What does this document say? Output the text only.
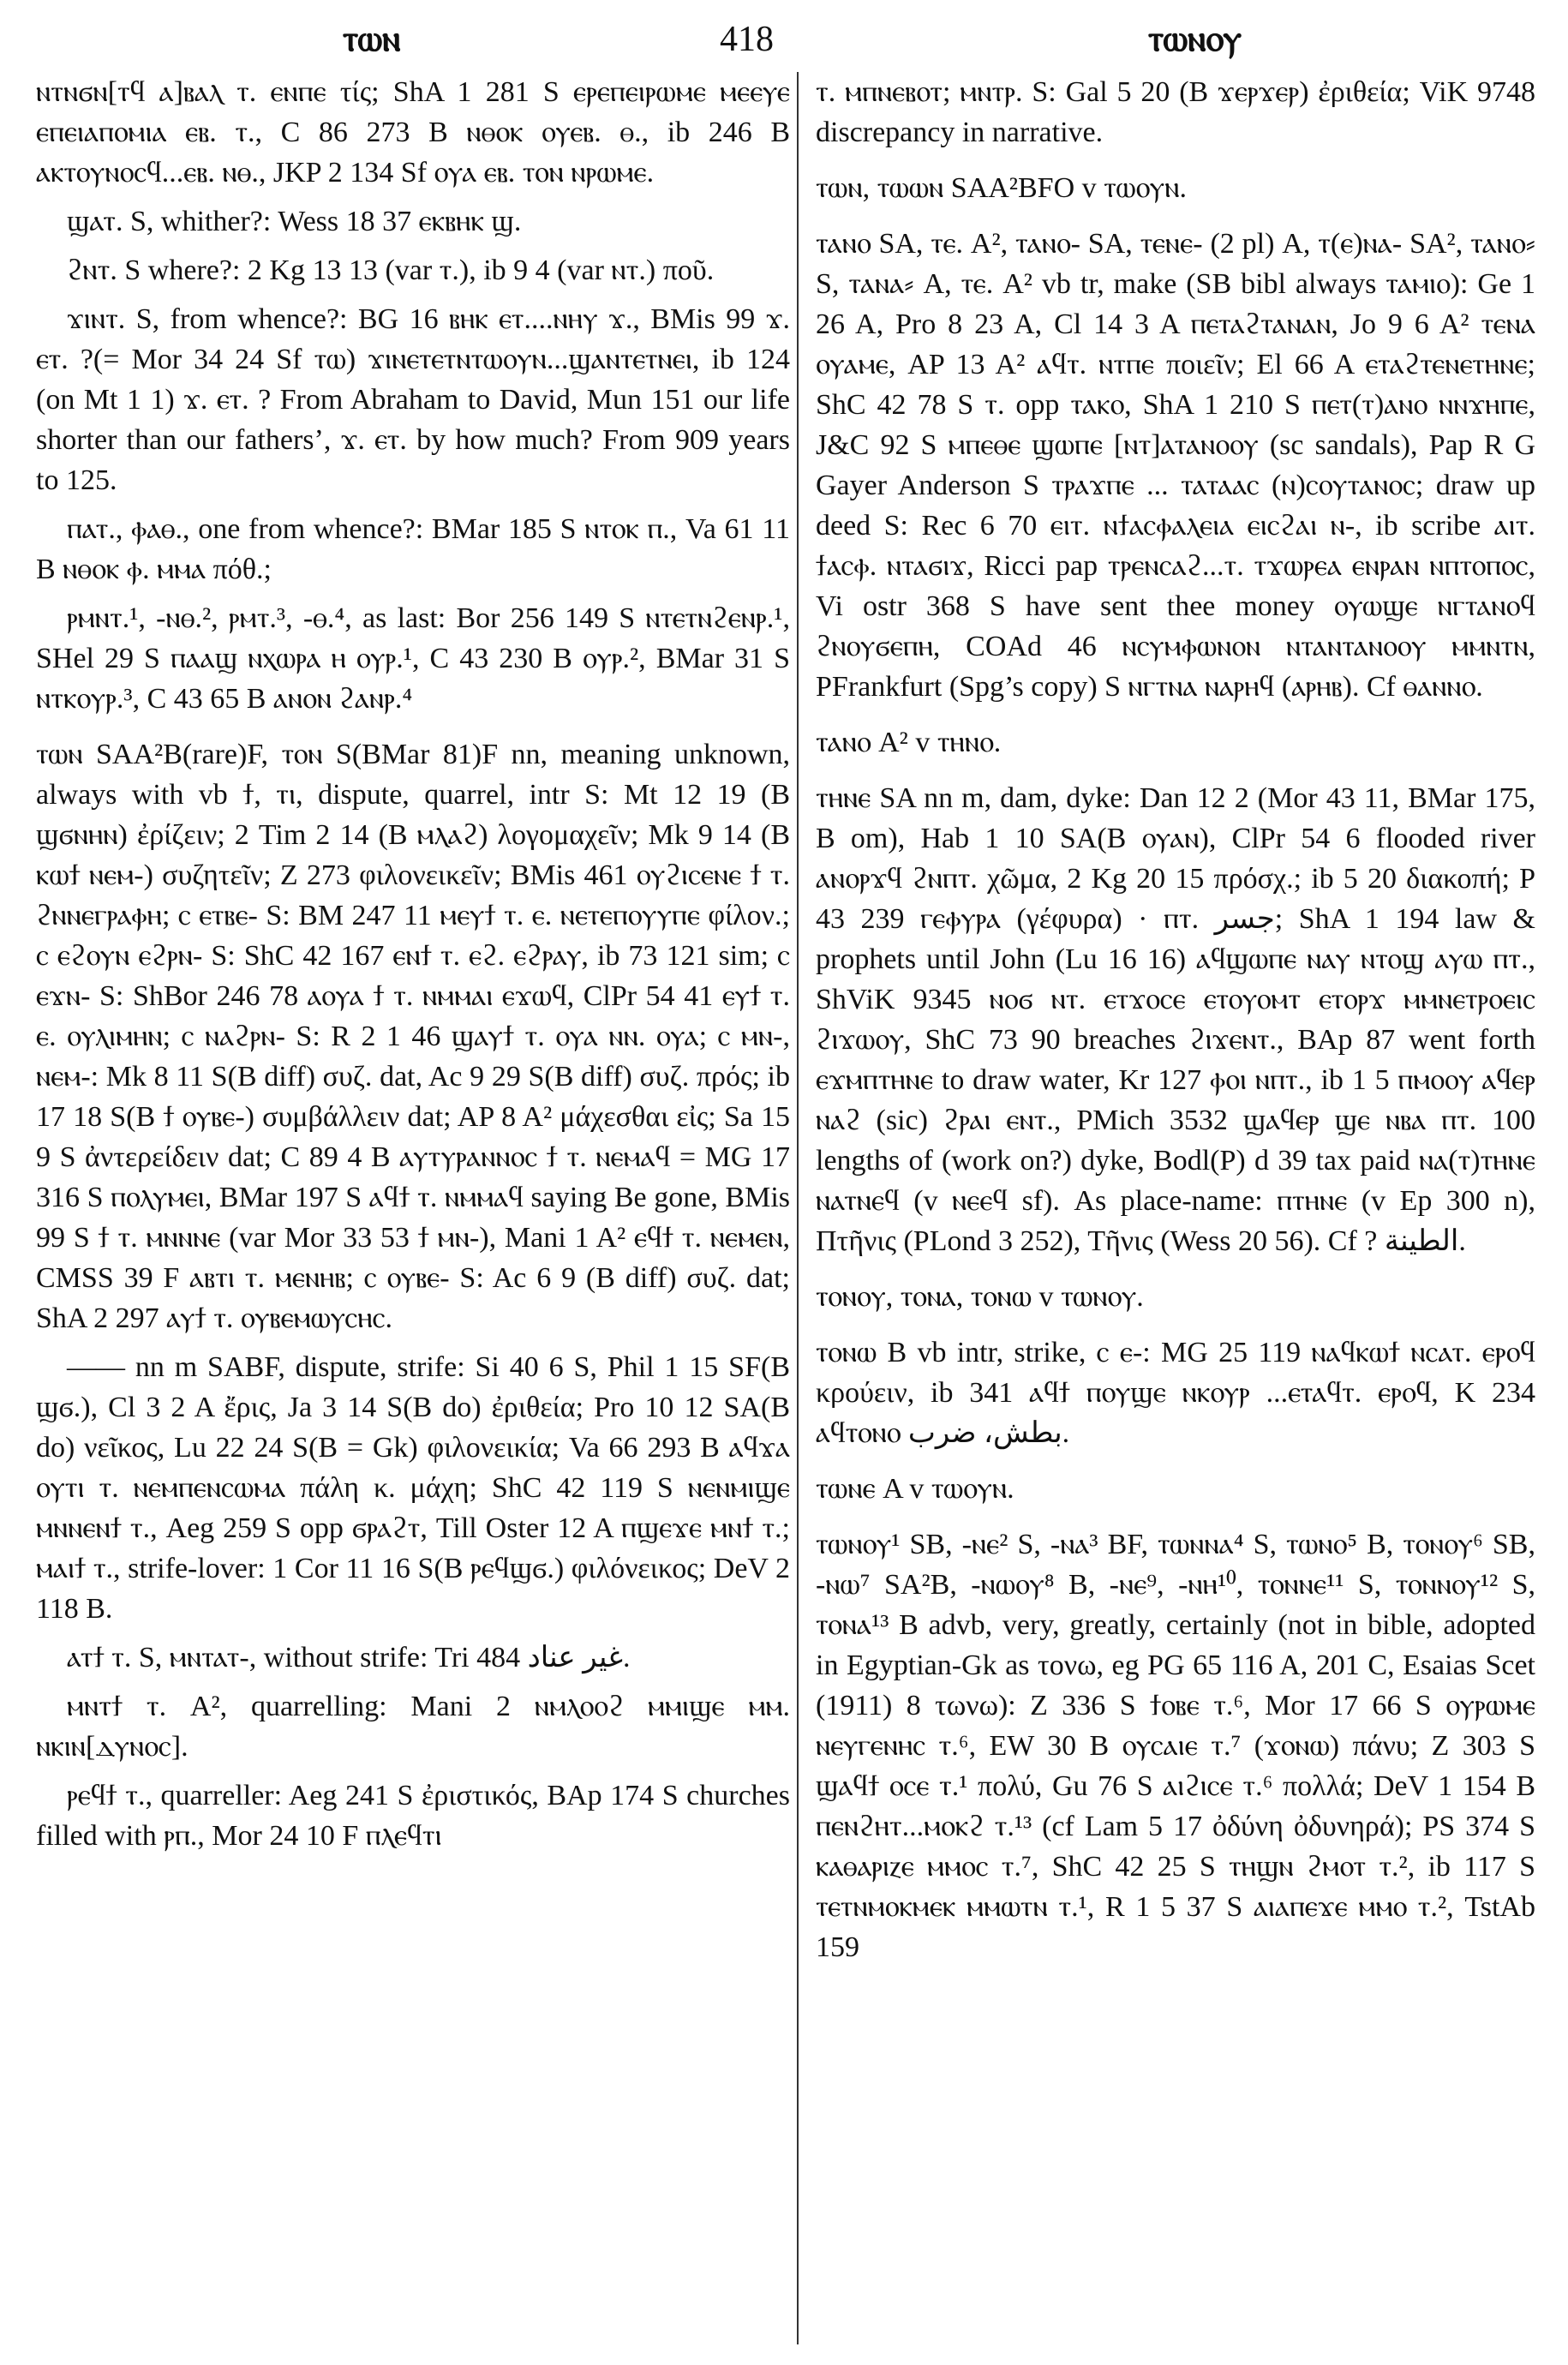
ⲧⲱⲛ	418	ⲧⲱⲛⲟⲩ

ⲛⲧⲛϭⲛ[ⲧϥ ⲁ]ⲃⲁⲗ ⲧ. ⲉⲛⲡⲉ τίς; ShA 1 281 S ⲉⲣⲉⲡⲉⲓⲣⲱⲙⲉ ⲙⲉⲉⲩⲉ ⲉⲡⲉⲓⲁⲡⲟⲙⲓⲁ ⲉⲃ. ⲧ., C 86 273 B ⲛⲑⲟⲕ ⲟⲩⲉⲃ. ⲑ., ib 246 B ⲁⲕⲧⲟⲩⲛⲟⲥϥ...ⲉⲃ. ⲛⲑ., JKP 2 134 Sf ⲟⲩⲁ ⲉⲃ. ⲧⲟⲛ ⲛⲣⲱⲙⲉ.

ϣⲁⲧ. S, whither?: Wess 18 37 ⲉⲕⲃⲏⲕ ϣ.

ϩⲛⲧ. S where?: 2 Kg 13 13 (var ⲧ.), ib 9 4 (var ⲛⲧ.) ποῦ.

ϫⲓⲛⲧ. S, from whence?: BG 16 ⲃⲏⲕ ⲉⲧ....ⲛⲏⲩ ϫ., BMis 99 ϫ. ⲉⲧ. ?(= Mor 34 24 Sf ⲧⲱ) ϫⲓⲛⲉⲧⲉⲧⲛⲧⲱⲟⲩⲛ...ϣⲁⲛⲧⲉⲧⲛⲉⲓ, ib 124 (on Mt 1 1) ϫ. ⲉⲧ. ? From Abraham to David, Mun 151 our life shorter than our fathers’, ϫ. ⲉⲧ. by how much? From 909 years to 125.

ⲡⲁⲧ., ⲫⲁⲑ., one from whence?: BMar 185 S ⲛⲧⲟⲕ ⲡ., Va 61 11 B ⲛⲑⲟⲕ ⲫ. ⲙⲙⲁ πόθ.;

ⲣⲙⲛⲧ.¹, -ⲛⲑ.², ⲣⲙⲧ.³, -ⲑ.⁴, as last: Bor 256 149 S ⲛⲧⲉⲧⲛϩⲉⲛⲣ.¹, SHel 29 S ⲡⲁⲁϣ ⲛⲭⲱⲣⲁ ⲏ ⲟⲩⲣ.¹, C 43 230 B ⲟⲩⲣ.², BMar 31 S ⲛⲧⲕⲟⲩⲣ.³, C 43 65 B ⲁⲛⲟⲛ ϩⲁⲛⲣ.⁴

ⲧⲱⲛ SAA²B(rare)F, ⲧⲟⲛ S(BMar 81)F nn, meaning unknown, always with vb ϯ, ⲧⲓ, dispute, quarrel, intr S: Mt 12 19 (B ϣϭⲛⲏⲛ) ἐρίζειν; 2 Tim 2 14 (B ⲙⲗⲁϩ) λογομαχεῖν; Mk 9 14 (B ⲕⲱϯ ⲛⲉⲙ-) συζητεῖν; Z 273 φιλονεικεῖν; BMis 461 ⲟⲩϩⲓⲥⲉⲛⲉ ϯ ⲧ. ϩⲛⲛⲉⲅⲣⲁⲫⲏ; ⲥ ⲉⲧⲃⲉ- S: BM 247 11 ⲙⲉⲩϯ ⲧ. ⲉ. ⲛⲉⲧⲉⲡⲟⲩⲩⲡⲉ φίλον.; ⲥ ⲉϩⲟⲩⲛ ⲉϩⲣⲛ- S: ShC 42 167 ⲉⲛϯ ⲧ. ⲉϩ. ⲉϩⲣⲁⲩ, ib 73 121 sim; ⲥ ⲉϫⲛ- S: ShBor 246 78 ⲁⲟⲩⲁ ϯ ⲧ. ⲛⲙⲙⲁⲓ ⲉϫⲱϥ, ClPr 54 41 ⲉⲩϯ ⲧ. ⲉ. ⲟⲩⲗⲓⲙⲏⲛ; ⲥ ⲛⲁϩⲣⲛ- S: R 2 1 46 ϣⲁⲩϯ ⲧ. ⲟⲩⲁ ⲛⲛ. ⲟⲩⲁ; ⲥ ⲙⲛ-, ⲛⲉⲙ-: Mk 8 11 S(B diff) συζ. dat, Ac 9 29 S(B diff) συζ. πρός; ib 17 18 S(B ϯ ⲟⲩⲃⲉ-) συμβάλλειν dat; AP 8 A² μάχεσθαι εἰς; Sa 15 9 S ἀντερείδειν dat; C 89 4 B ⲁⲩⲧⲩⲣⲁⲛⲛⲟⲥ ϯ ⲧ. ⲛⲉⲙⲁϥ = MG 17 316 S ⲡⲟⲗⲩⲙⲉⲓ, BMar 197 S ⲁϥϯ ⲧ. ⲛⲙⲙⲁϥ saying Be gone, BMis 99 S ϯ ⲧ. ⲙⲛⲛⲛⲉ (var Mor 33 53 ϯ ⲙⲛ-), Mani 1 A² ⲉϥϯ ⲧ. ⲛⲉⲙⲉⲛ, CMSS 39 F ⲁⲃⲧⲓ ⲧ. ⲙⲉⲛⲏⲃ; ⲥ ⲟⲩⲃⲉ- S: Ac 6 9 (B diff) συζ. dat; ShA 2 297 ⲁⲩϯ ⲧ. ⲟⲩⲃⲉⲙⲱⲩⲥⲏⲥ.

—— nn m SABF, dispute, strife: Si 40 6 S, Phil 1 15 SF(B ϣϭ.), Cl 3 2 A ἔρις, Ja 3 14 S(B do) ἐριθεία; Pro 10 12 SA(B do) νεῖκος, Lu 22 24 S(B = Gk) φιλονεικία; Va 66 293 B ⲁϥϫⲁ ⲟⲩⲧⲓ ⲧ. ⲛⲉⲙⲡⲉⲛⲥⲱⲙⲁ πάλη κ. μάχη; ShC 42 119 S ⲛⲉⲛⲙⲓϣⲉ ⲙⲛⲛⲉⲛϯ ⲧ., Aeg 259 S opp ϭⲣⲁϩⲧ, Till Oster 12 A ⲡϣⲉϫⲉ ⲙⲛϯ ⲧ.; ⲙⲁⲓϯ ⲧ., strife-lover: 1 Cor 11 16 S(B ⲣⲉϥϣϭ.) φιλόνεικος; DeV 2 118 B.

ⲁⲧϯ ⲧ. S, ⲙⲛⲧⲁⲧ-, without strife: Tri 484 غير عناد.

ⲙⲛⲧϯ ⲧ. A², quarrelling: Mani 2 ⲛⲙⲗⲟⲟϩ ⲙⲙⲓϣⲉ ⲙⲙ. ⲛⲕⲓⲛ[ⲇⲩⲛⲟⲥ].

ⲣⲉϥϯ ⲧ., quarreller: Aeg 241 S ἐριστικός, BAp 174 S churches filled with ⲣⲡ., Mor 24 10 F ⲡⲗⲉϥⲧⲓ

ⲧ. ⲙⲡⲛⲉⲃⲟⲧ; ⲙⲛⲧⲣ. S: Gal 5 20 (B ϫⲉⲣϫⲉⲣ) ἐριθεία; ViK 9748 discrepancy in narrative.

ⲧⲱⲛ, ⲧⲱⲱⲛ SAA²BFO v ⲧⲱⲟⲩⲛ.

ⲧⲁⲛⲟ SA, ⲧⲉ. A², ⲧⲁⲛⲟ- SA, ⲧⲉⲛⲉ- (2 pl) A, ⲧ(ⲉ)ⲛⲁ- SA², ⲧⲁⲛⲟ⸗ S, ⲧⲁⲛⲁ⸗ A, ⲧⲉ. A² vb tr, make (SB bibl always ⲧⲁⲙⲓⲟ): Ge 1 26 A, Pro 8 23 A, Cl 14 3 A ⲡⲉⲧⲁϩⲧⲁⲛⲁⲛ, Jo 9 6 A² ⲧⲉⲛⲁ ⲟⲩⲁⲙⲉ, AP 13 A² ⲁϥⲧ. ⲛⲧⲡⲉ ποιεῖν; El 66 A ⲉⲧⲁϩⲧⲉⲛⲉⲧⲏⲛⲉ; ShC 42 78 S ⲧ. opp ⲧⲁⲕⲟ, ShA 1 210 S ⲡⲉⲧ(ⲧ)ⲁⲛⲟ ⲛⲛϫⲏⲡⲉ, J&C 92 S ⲙⲡⲉⲑⲉ ϣⲱⲡⲉ [ⲛⲧ]ⲁⲧⲁⲛⲟⲟⲩ (sc sandals), Pap R G Gayer Anderson S ⲧⲣⲁϫⲡⲉ ... ⲧⲁⲧⲁⲁⲥ (ⲛ)ⲥⲟⲩⲧⲁⲛⲟⲥ; draw up deed S: Rec 6 70 ⲉⲓⲧ. ⲛϯⲁⲥⲫⲁⲗⲉⲓⲁ ⲉⲓⲥϩⲁⲓ ⲛ-, ib scribe ⲁⲓⲧ. ϯⲁⲥⲫ. ⲛⲧⲁϭⲓϫ, Ricci pap ⲧⲣⲉⲛⲥⲁϩ...ⲧ. ⲧϫⲱⲣⲉⲁ ⲉⲛⲣⲁⲛ ⲛⲡⲧⲟⲡⲟⲥ, Vi ostr 368 S have sent thee money ⲟⲩⲱϣⲉ ⲛⲅⲧⲁⲛⲟϥ ϩⲛⲟⲩϭⲉⲡⲏ, COAd 46 ⲛⲥⲩⲙⲫⲱⲛⲟⲛ ⲛⲧⲁⲛⲧⲁⲛⲟⲟⲩ ⲙⲙⲛⲧⲛ, PFrankfurt (Spg’s copy) S ⲛⲅⲧⲛⲁ ⲛⲁⲣⲏϥ (ⲁⲣⲏⲃ). Cf ⲑⲁⲛⲛⲟ.

ⲧⲁⲛⲟ A² v ⲧⲏⲛⲟ.

ⲧⲏⲛⲉ SA nn m, dam, dyke: Dan 12 2 (Mor 43 11, BMar 175, B om), Hab 1 10 SA(B ⲟⲩⲁⲛ), ClPr 54 6 flooded river ⲁⲛⲟⲣϫϥ ϩⲛⲡⲧ. χῶμα, 2 Kg 20 15 πρόσχ.; ib 5 20 διακοπή; P 43 239 ⲅⲉⲫⲩⲣⲁ (γέφυρα) · ⲡⲧ. جسر; ShA 1 194 law & prophets until John (Lu 16 16) ⲁϥϣⲱⲡⲉ ⲛⲁⲩ ⲛⲧⲟϣ ⲁⲩⲱ ⲡⲧ., ShViK 9345 ⲛⲟϭ ⲛⲧ. ⲉⲧϫⲟⲥⲉ ⲉⲧⲟⲩⲟⲙⲧ ⲉⲧⲟⲣϫ ⲙⲙⲛⲉⲧⲣⲟⲉⲓⲥ ϩⲓϫⲱⲟⲩ, ShC 73 90 breaches ϩⲓϫⲉⲛⲧ., BAp 87 went forth ⲉϫⲙⲡⲧⲏⲛⲉ to draw water, Kr 127 ⲫⲟⲓ ⲛⲡⲧ., ib 1 5 ⲡⲙⲟⲟⲩ ⲁϥⲉⲣ ⲛⲁϩ (sic) ϩⲣⲁⲓ ⲉⲛⲧ., PMich 3532 ϣⲁϥⲉⲣ ϣⲉ ⲛⲃⲁ ⲡⲧ. 100 lengths of (work on?) dyke, Bodl(P) d 39 tax paid ⲛⲁ(ⲧ)ⲧⲏⲛⲉ ⲛⲁⲧⲛⲉϥ (v ⲛⲉⲉϥ sf). As place-name: ⲡⲧⲏⲛⲉ (v Ep 300 n), Πτῆνις (PLond 3 252), Τῆνις (Wess 20 56). Cf ? الطينة.

ⲧⲟⲛⲟⲩ, ⲧⲟⲛⲁ, ⲧⲟⲛⲱ v ⲧⲱⲛⲟⲩ.

ⲧⲟⲛⲱ B vb intr, strike, ⲥ ⲉ-: MG 25 119 ⲛⲁϥⲕⲱϯ ⲛⲥⲁⲧ. ⲉⲣⲟϥ κρούειν, ib 341 ⲁϥϯ ⲡⲟⲩϣⲉ ⲛⲕⲟⲩⲣ ...ⲉⲧⲁϥⲧ. ⲉⲣⲟϥ, K 234 ⲁϥⲧⲟⲛⲟ بطش، ضرب.

ⲧⲱⲛⲉ A v ⲧⲱⲟⲩⲛ.

ⲧⲱⲛⲟⲩ¹ SB, -ⲛⲉ² S, -ⲛⲁ³ BF, ⲧⲱⲛⲛⲁ⁴ S, ⲧⲱⲛⲟ⁵ B, ⲧⲟⲛⲟⲩ⁶ SB, -ⲛⲱ⁷ SA²B, -ⲛⲱⲟⲩ⁸ B, -ⲛⲉ⁹, -ⲛⲏ¹⁰, ⲧⲟⲛⲛⲉ¹¹ S, ⲧⲟⲛⲛⲟⲩ¹² S, ⲧⲟⲛⲁ¹³ B advb, very, greatly, certainly (not in bible, adopted in Egyptian-Gk as τονω, eg PG 65 116 A, 201 C, Esaias Scet (1911) 8 τωνω): Z 336 S ϯⲟⲃⲉ ⲧ.⁶, Mor 17 66 S ⲟⲩⲣⲱⲙⲉ ⲛⲉⲩⲅⲉⲛⲏⲥ ⲧ.⁶, EW 30 B ⲟⲩⲥⲁⲓⲉ ⲧ.⁷ (ϫⲟⲛⲱ) πάνυ; Z 303 S ϣⲁϥϯ ⲟⲥⲉ ⲧ.¹ πολύ, Gu 76 S ⲁⲓϩⲓⲥⲉ ⲧ.⁶ πολλά; DeV 1 154 B ⲡⲉⲛϩⲏⲧ...ⲙⲟⲕϩ ⲧ.¹³ (cf Lam 5 17 ὀδύνη ὀδυνηρά); PS 374 S ⲕⲁⲑⲁⲣⲓⲍⲉ ⲙⲙⲟⲥ ⲧ.⁷, ShC 42 25 S ⲧⲏϣⲛ ϩⲙⲟⲧ ⲧ.², ib 117 S ⲧⲉⲧⲛⲙⲟⲕⲙⲉⲕ ⲙⲙⲱⲧⲛ ⲧ.¹, R 1 5 37 S ⲁⲓⲁⲡⲉϫⲉ ⲙⲙⲟ ⲧ.², TstAb 159
